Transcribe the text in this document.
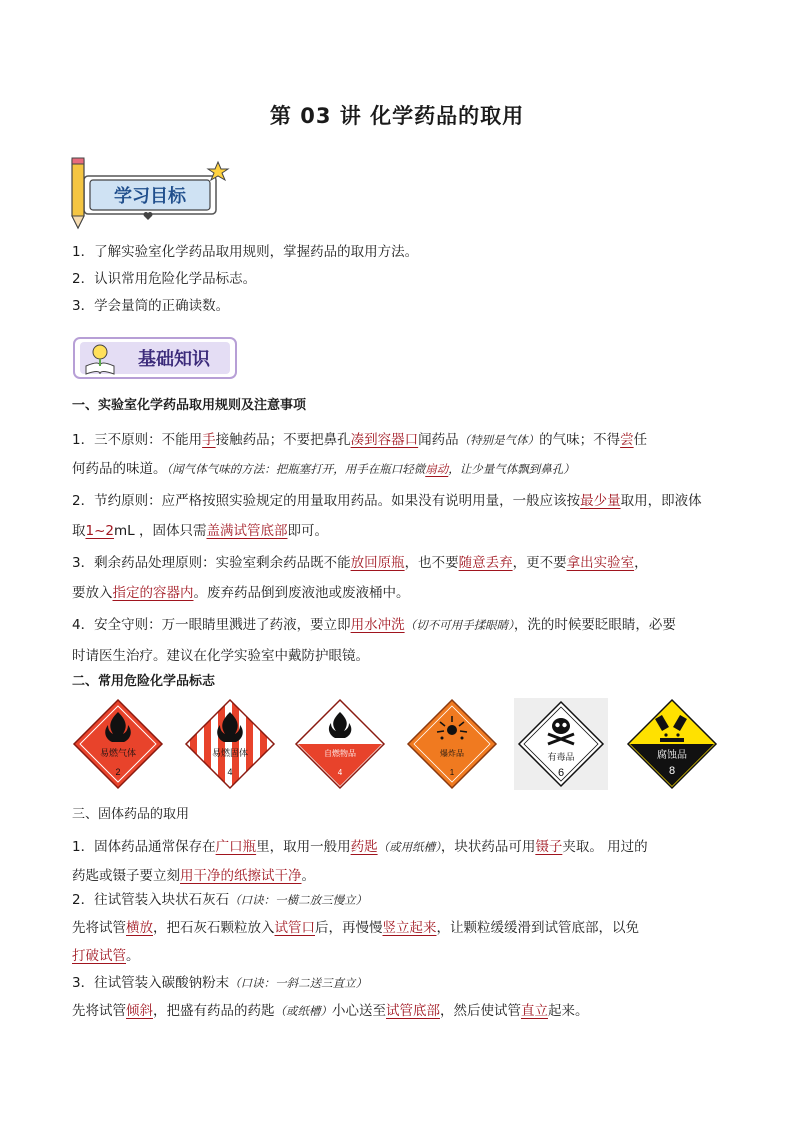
第 03 讲 化学药品的取用
学习目标
1．了解实验室化学药品取用规则，掌握药品的取用方法。
2．认识常用危险化学品标志。
3．学会量筒的正确读数。
基础知识
一、实验室化学药品取用规则及注意事项
1．三不原则：不能用手接触药品；不要把鼻孔凑到容器口闻药品（特别是气体）的气味；不得尝任
何药品的味道。（闻气体气味的方法：把瓶塞打开，用手在瓶口轻微扇动，让少量气体飘到鼻孔）
2．节约原则：应严格按照实验规定的用量取用药品。如果没有说明用量，一般应该按最少量取用，即液体
取1~2mL ，固体只需盖满试管底部即可。
3．剩余药品处理原则：实验室剩余药品既不能放回原瓶，也不要随意丢弃，更不要拿出实验室，
要放入指定的容器内。废弃药品倒到废液池或废液桶中。
4．安全守则：万一眼睛里溅进了药液，要立即用水冲洗（切不可用手揉眼睛），洗的时候要眨眼睛，必要
时请医生治疗。建议在化学实验室中戴防护眼镜。
二、常用危险化学品标志
易燃气体
2
易燃固体
4
自燃物品
4
爆炸品
1
有毒品
6
腐蚀品
8
三、固体药品的取用
1．固体药品通常保存在广口瓶里，取用一般用药匙（或用纸槽），块状药品可用镊子夹取。 用过的
药匙或镊子要立刻用干净的纸擦试干净。
2．往试管装入块状石灰石（口诀：一横二放三慢立）
先将试管横放，把石灰石颗粒放入试管口后，再慢慢竖立起来，让颗粒缓缓滑到试管底部，以免
打破试管。
3．往试管装入碳酸钠粉末（口诀：一斜二送三直立）
先将试管倾斜，把盛有药品的药匙（或纸槽）小心送至试管底部，然后使试管直立起来。
